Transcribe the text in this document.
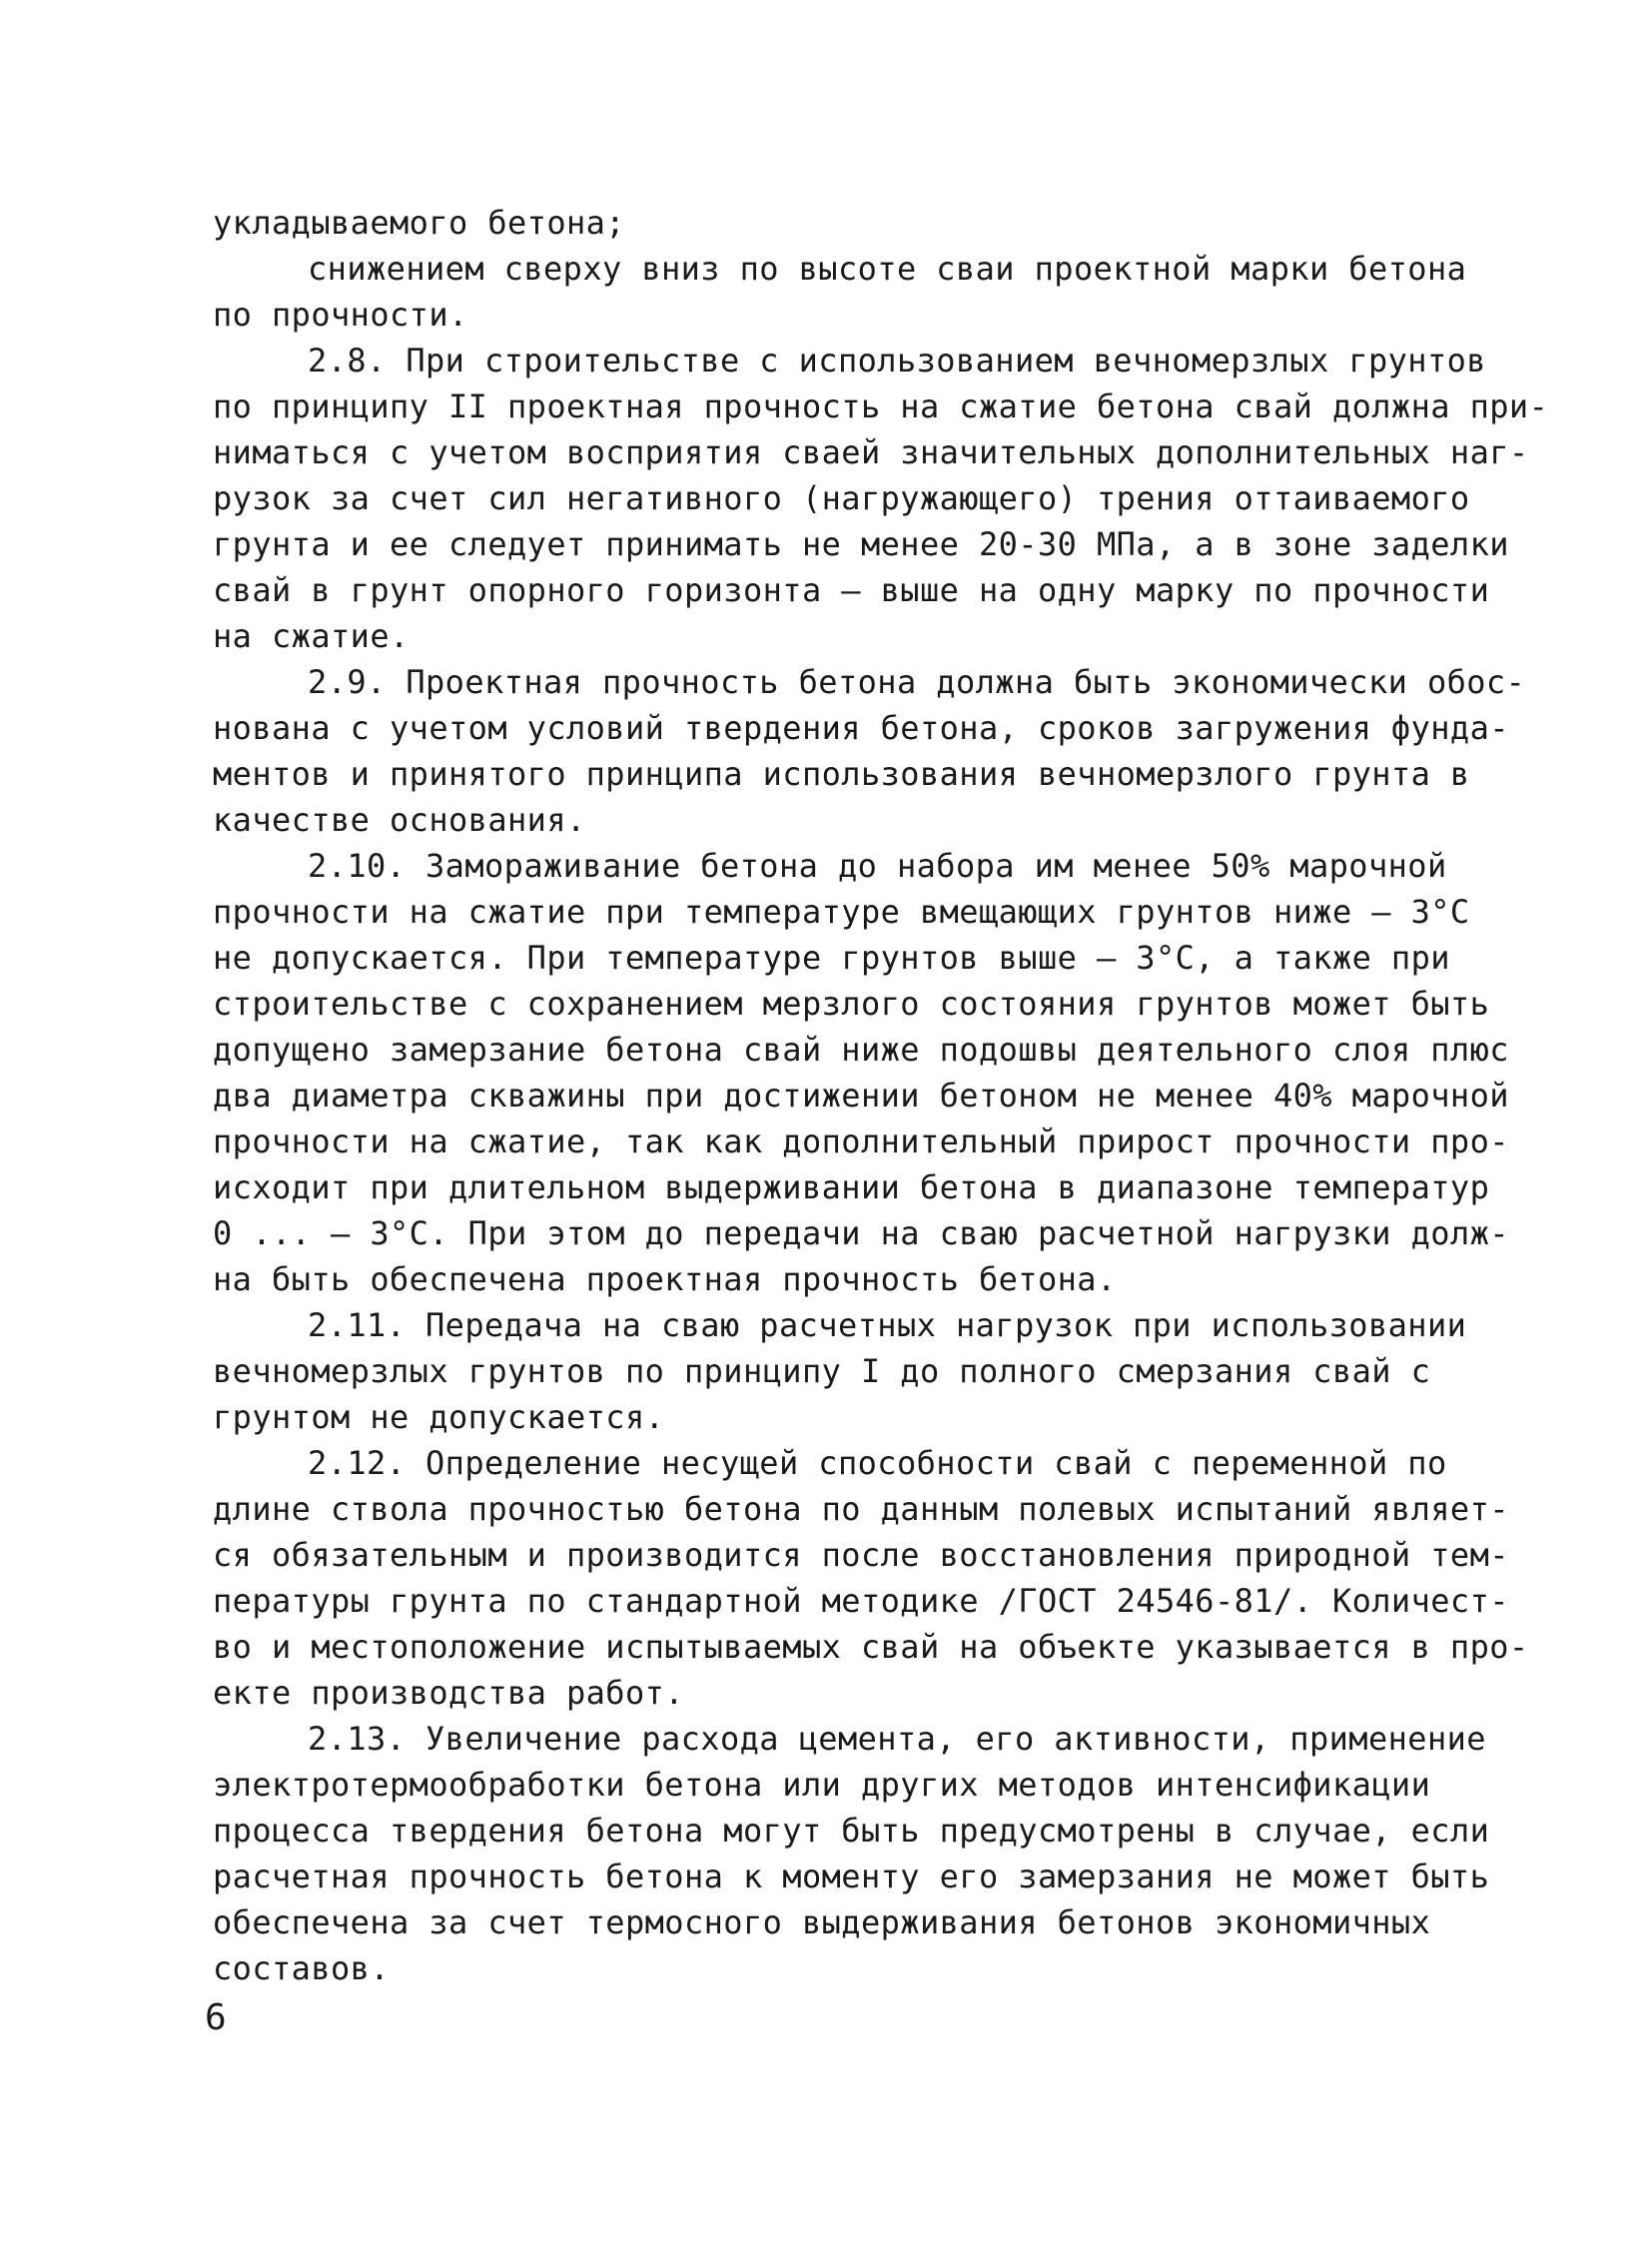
укладываемого бетона;
снижением сверху вниз по высоте сваи проектной марки бетона
по прочности.
2.8. При строительстве с использованием вечномерзлых грунтов
по принципу II проектная прочность на сжатие бетона свай должна при-
ниматься с учетом восприятия сваей значительных дополнительных наг-
рузок за счет сил негативного (нагружающего) трения оттаиваемого
грунта и ее следует принимать не менее 20-30 МПа, а в зоне заделки
свай в грунт опорного горизонта – выше на одну марку по прочности
на сжатие.
2.9. Проектная прочность бетона должна быть экономически обос-
нована с учетом условий твердения бетона, сроков загружения фунда-
ментов и принятого принципа использования вечномерзлого грунта в
качестве основания.
2.10. Замораживание бетона до набора им менее 50% марочной
прочности на сжатие при температуре вмещающих грунтов ниже – 3°С
не допускается. При температуре грунтов выше – 3°С, а также при
строительстве с сохранением мерзлого состояния грунтов может быть
допущено замерзание бетона свай ниже подошвы деятельного слоя плюс
два диаметра скважины при достижении бетоном не менее 40% марочной
прочности на сжатие, так как дополнительный прирост прочности про-
исходит при длительном выдерживании бетона в диапазоне температур
0 ... – 3°С. При этом до передачи на сваю расчетной нагрузки долж-
на быть обеспечена проектная прочность бетона.
2.11. Передача на сваю расчетных нагрузок при использовании
вечномерзлых грунтов по принципу I до полного смерзания свай с
грунтом не допускается.
2.12. Определение несущей способности свай с переменной по
длине ствола прочностью бетона по данным полевых испытаний являет-
ся обязательным и производится после восстановления природной тем-
пературы грунта по стандартной методике /ГОСТ 24546-81/. Количест-
во и местоположение испытываемых свай на объекте указывается в про-
екте производства работ.
2.13. Увеличение расхода цемента, его активности, применение
электротермообработки бетона или других методов интенсификации
процесса твердения бетона могут быть предусмотрены в случае, если
расчетная прочность бетона к моменту его замерзания не может быть
обеспечена за счет термосного выдерживания бетонов экономичных
составов.
6
